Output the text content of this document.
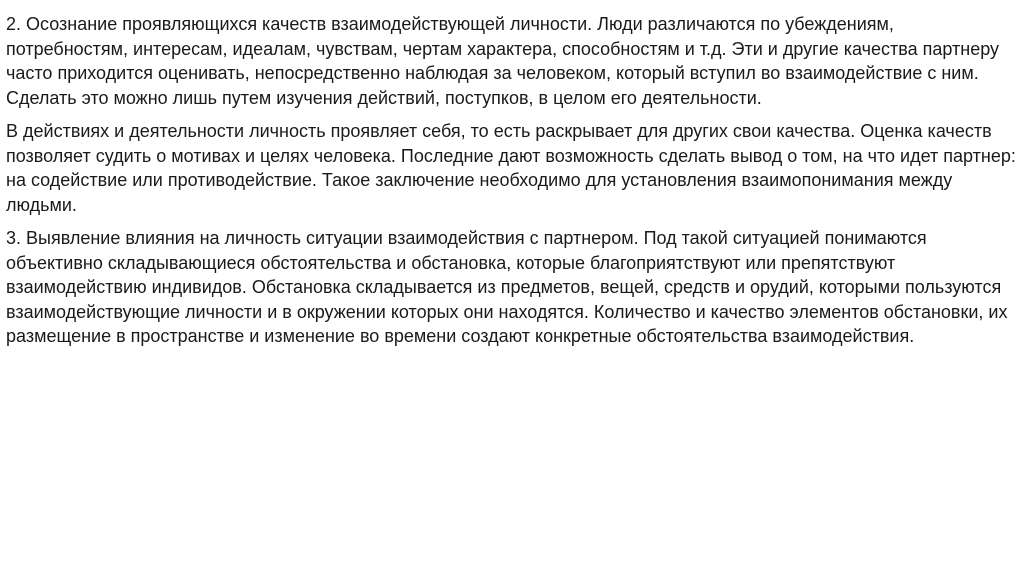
2. Осознание проявляющихся качеств взаимодействующей личности. Люди различаются по убеждениям, потребностям, интересам, идеалам, чувствам, чертам характера, способностям и т.д. Эти и другие качества партнеру часто приходится оценивать, непосредственно наблюдая за человеком, который вступил во взаимодействие с ним. Сделать это можно лишь путем изучения действий, поступков, в целом его деятельности.

В действиях и деятельности личность проявляет себя, то есть раскрывает для других свои качества. Оценка качеств позволяет судить о мотивах и целях человека. Последние дают возможность сделать вывод о том, на что идет партнер: на содействие или противодействие. Такое заключение необходимо для установления взаимопонимания между людьми.

3. Выявление влияния на личность ситуации взаимодействия с партнером. Под такой ситуацией понимаются объективно складывающиеся обстоятельства и обстановка, которые благоприятствуют или препятствуют взаимодействию индивидов. Обстановка складывается из предметов, вещей, средств и орудий, которыми пользуются взаимодействующие личности и в окружении которых они находятся. Количество и качество элементов обстановки, их размещение в пространстве и изменение во времени создают конкретные обстоятельства взаимодействия.
